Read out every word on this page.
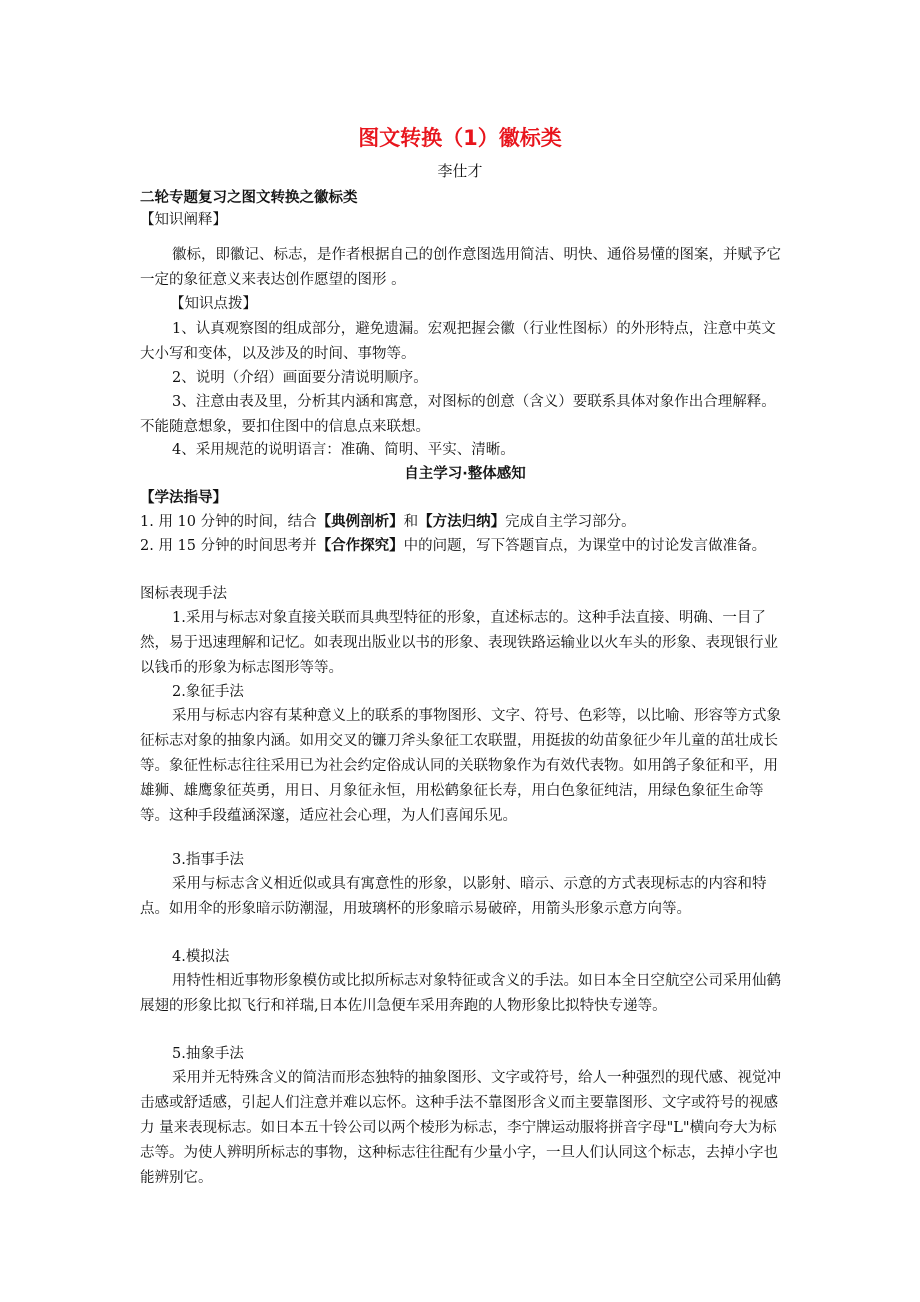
图文转换（1）徽标类
李仕才

二轮专题复习之图文转换之徽标类

【知识阐释】

徽标，即徽记、标志，是作者根据自己的创作意图选用简洁、明快、通俗易懂的图案，并赋予它一定的象征意义来表达创作愿望的图形 。

【知识点拨】

1、认真观察图的组成部分，避免遗漏。宏观把握会徽（行业性图标）的外形特点，注意中英文大小写和变体，以及涉及的时间、事物等。

2、说明（介绍）画面要分清说明顺序。

3、注意由表及里，分析其内涵和寓意，对图标的创意（含义）要联系具体对象作出合理解释。不能随意想象，要扣住图中的信息点来联想。

4、采用规范的说明语言：准确、简明、平实、清晰。

自主学习·整体感知

【学法指导】

1. 用 10 分钟的时间，结合【典例剖析】和【方法归纳】完成自主学习部分。

2. 用 15 分钟的时间思考并【合作探究】中的问题，写下答题盲点，为课堂中的讨论发言做准备。

图标表现手法

1.采用与标志对象直接关联而具典型特征的形象，直述标志的。这种手法直接、明确、一目了然，易于迅速理解和记忆。如表现出版业以书的形象、表现铁路运输业以火车头的形象、表现银行业以钱币的形象为标志图形等等。

2.象征手法

采用与标志内容有某种意义上的联系的事物图形、文字、符号、色彩等，以比喻、形容等方式象征标志对象的抽象内涵。如用交叉的镰刀斧头象征工农联盟，用挺拔的幼苗象征少年儿童的茁壮成长等。象征性标志往往采用已为社会约定俗成认同的关联物象作为有效代表物。如用鸽子象征和平，用雄狮、雄鹰象征英勇，用日、月象征永恒，用松鹤象征长寿，用白色象征纯洁，用绿色象征生命等等。这种手段蕴涵深邃，适应社会心理，为人们喜闻乐见。

3.指事手法

采用与标志含义相近似或具有寓意性的形象，以影射、暗示、示意的方式表现标志的内容和特点。如用伞的形象暗示防潮湿，用玻璃杯的形象暗示易破碎，用箭头形象示意方向等。

4.模拟法

用特性相近事物形象模仿或比拟所标志对象特征或含义的手法。如日本全日空航空公司采用仙鹤展翅的形象比拟飞行和祥瑞,日本佐川急便车采用奔跑的人物形象比拟特快专递等。

5.抽象手法

采用并无特殊含义的简洁而形态独特的抽象图形、文字或符号，给人一种强烈的现代感、视觉冲击感或舒适感，引起人们注意并难以忘怀。这种手法不靠图形含义而主要靠图形、文字或符号的视感力 量来表现标志。如日本五十铃公司以两个棱形为标志，李宁牌运动服将拼音字母"L"横向夸大为标志等。为使人辨明所标志的事物，这种标志往往配有少量小字，一旦人们认同这个标志，去掉小字也能辨别它。
